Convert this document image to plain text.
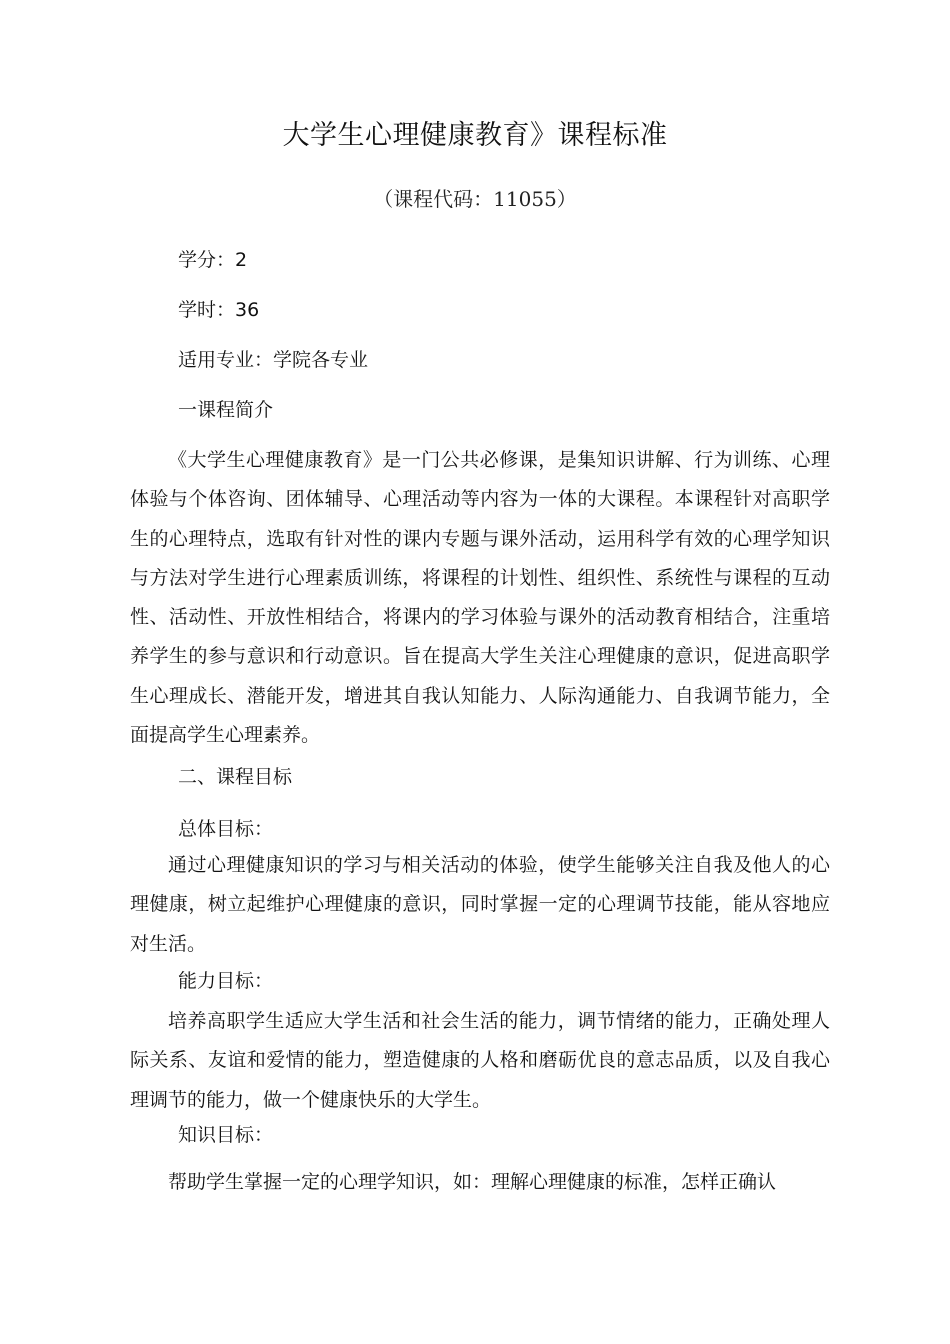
大学生心理健康教育》课程标准
（课程代码：11055）
学分：2
学时：36
适用专业：学院各专业
一课程简介
《大学生心理健康教育》是一门公共必修课，是集知识讲解、行为训练、心理体验与个体咨询、团体辅导、心理活动等内容为一体的大课程。本课程针对高职学生的心理特点，选取有针对性的课内专题与课外活动，运用科学有效的心理学知识与方法对学生进行心理素质训练，将课程的计划性、组织性、系统性与课程的互动性、活动性、开放性相结合，将课内的学习体验与课外的活动教育相结合，注重培养学生的参与意识和行动意识。旨在提高大学生关注心理健康的意识，促进高职学生心理成长、潜能开发，增进其自我认知能力、人际沟通能力、自我调节能力，全面提高学生心理素养。
二、课程目标
总体目标：
通过心理健康知识的学习与相关活动的体验，使学生能够关注自我及他人的心理健康，树立起维护心理健康的意识，同时掌握一定的心理调节技能，能从容地应对生活。
能力目标：
培养高职学生适应大学生活和社会生活的能力，调节情绪的能力，正确处理人际关系、友谊和爱情的能力，塑造健康的人格和磨砺优良的意志品质，以及自我心理调节的能力，做一个健康快乐的大学生。
知识目标：
帮助学生掌握一定的心理学知识，如：理解心理健康的标准，怎样正确认
